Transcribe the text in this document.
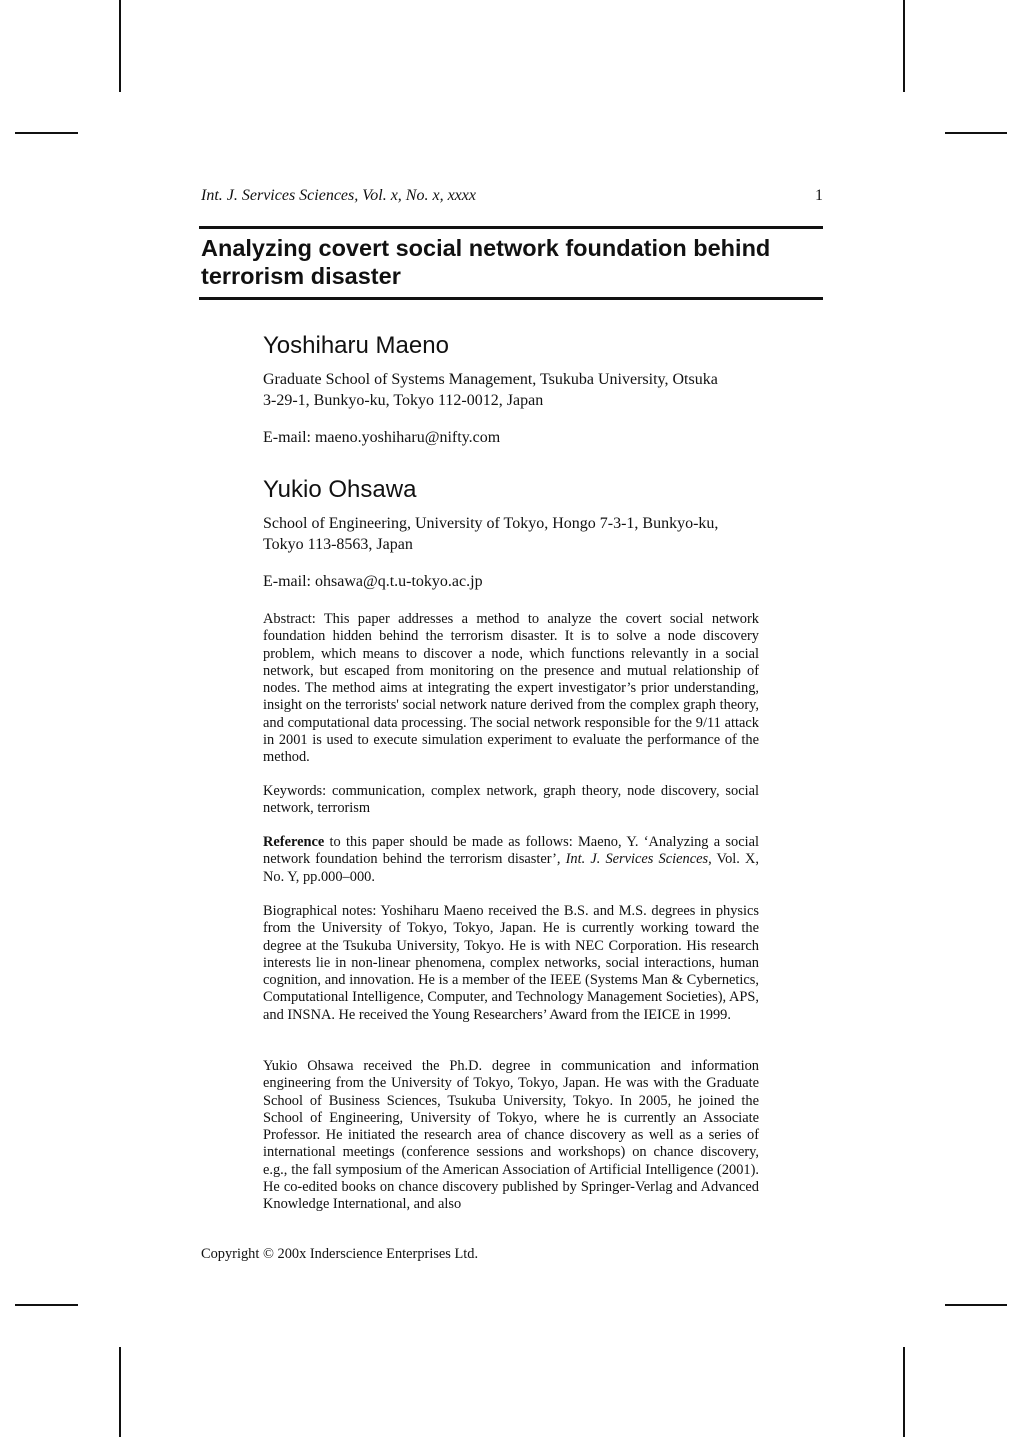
Int. J. Services Sciences, Vol. x, No. x, xxxx	1
Analyzing covert social network foundation behind
terrorism disaster
Yoshiharu Maeno

Graduate School of Systems Management, Tsukuba University, Otsuka
3-29-1, Bunkyo-ku, Tokyo 112-0012, Japan

E-mail: maeno.yoshiharu@nifty.com

Yukio Ohsawa

School of Engineering, University of Tokyo, Hongo 7-3-1, Bunkyo-ku,
Tokyo 113-8563, Japan

E-mail: ohsawa@q.t.u-tokyo.ac.jp

Abstract: This paper addresses a method to analyze the covert social network foundation hidden behind the terrorism disaster. It is to solve a node discovery problem, which means to discover a node, which functions relevantly in a social network, but escaped from monitoring on the presence and mutual relationship of nodes. The method aims at integrating the expert investigator’s prior understanding, insight on the terrorists' social network nature derived from the complex graph theory, and computational data processing. The social network responsible for the 9/11 attack in 2001 is used to execute simulation experiment to evaluate the performance of the method.

Keywords: communication, complex network, graph theory, node discovery, social network, terrorism

Reference to this paper should be made as follows: Maeno, Y. ‘Analyzing a social network foundation behind the terrorism disaster’, Int. J. Services Sciences, Vol. X, No. Y, pp.000–000.

Biographical notes: Yoshiharu Maeno received the B.S. and M.S. degrees in physics from the University of Tokyo, Tokyo, Japan. He is currently working toward the degree at the Tsukuba University, Tokyo. He is with NEC Corporation. His research interests lie in non-linear phenomena, complex networks, social interactions, human cognition, and innovation. He is a member of the IEEE (Systems Man & Cybernetics, Computational Intelligence, Computer, and Technology Management Societies), APS, and INSNA. He received the Young Researchers’ Award from the IEICE in 1999.

Yukio Ohsawa received the Ph.D. degree in communication and information engineering from the University of Tokyo, Tokyo, Japan. He was with the Graduate School of Business Sciences, Tsukuba University, Tokyo. In 2005, he joined the School of Engineering, University of Tokyo, where he is currently an Associate Professor. He initiated the research area of chance discovery as well as a series of international meetings (conference sessions and workshops) on chance discovery, e.g., the fall symposium of the American Association of Artificial Intelligence (2001). He co-edited books on chance discovery published by Springer-Verlag and Advanced Knowledge International, and also

Copyright © 200x Inderscience Enterprises Ltd.
